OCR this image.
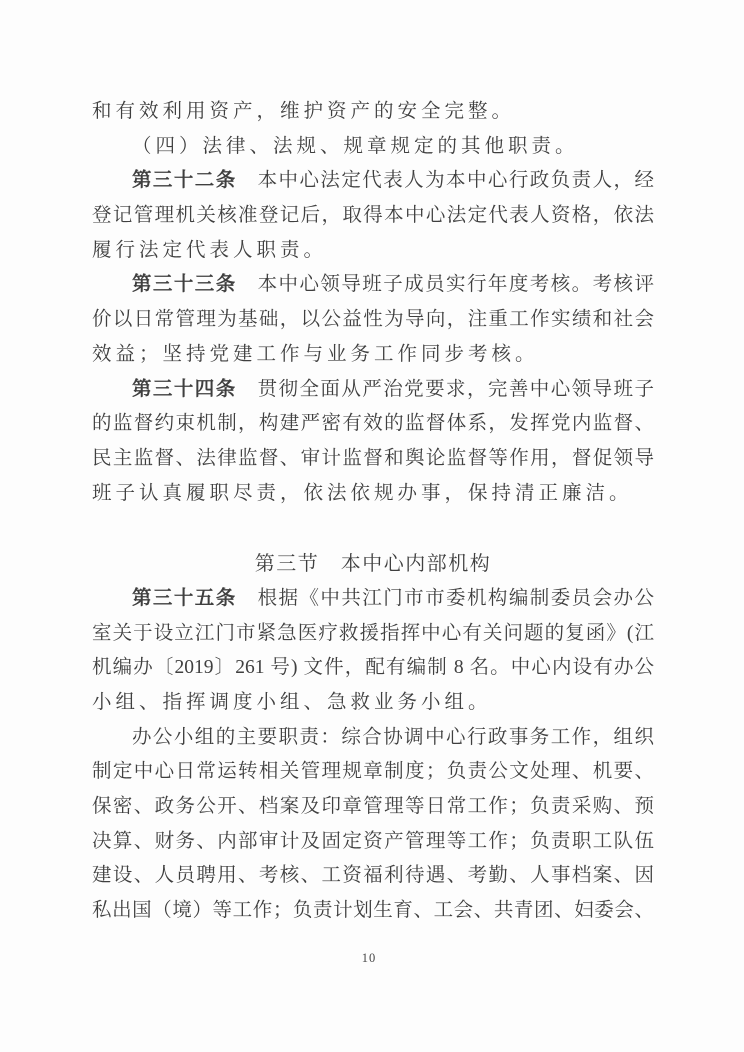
和有效利用资产，维护资产的安全完整。
（四）法律、法规、规章规定的其他职责。
第三十二条　本中心法定代表人为本中心行政负责人，经
登记管理机关核准登记后，取得本中心法定代表人资格，依法
履行法定代表人职责。
第三十三条　本中心领导班子成员实行年度考核。考核评
价以日常管理为基础，以公益性为导向，注重工作实绩和社会
效益；坚持党建工作与业务工作同步考核。
第三十四条　贯彻全面从严治党要求，完善中心领导班子
的监督约束机制，构建严密有效的监督体系，发挥党内监督、
民主监督、法律监督、审计监督和舆论监督等作用，督促领导
班子认真履职尽责，依法依规办事，保持清正廉洁。
第三节　本中心内部机构
第三十五条　根据《中共江门市市委机构编制委员会办公
室关于设立江门市紧急医疗救援指挥中心有关问题的复函》(江
机编办〔2019〕261 号) 文件，配有编制 8 名。中心内设有办公
小组、指挥调度小组、急救业务小组。
办公小组的主要职责：综合协调中心行政事务工作，组织
制定中心日常运转相关管理规章制度；负责公文处理、机要、
保密、政务公开、档案及印章管理等日常工作；负责采购、预
决算、财务、内部审计及固定资产管理等工作；负责职工队伍
建设、人员聘用、考核、工资福利待遇、考勤、人事档案、因
私出国（境）等工作；负责计划生育、工会、共青团、妇委会、
10
